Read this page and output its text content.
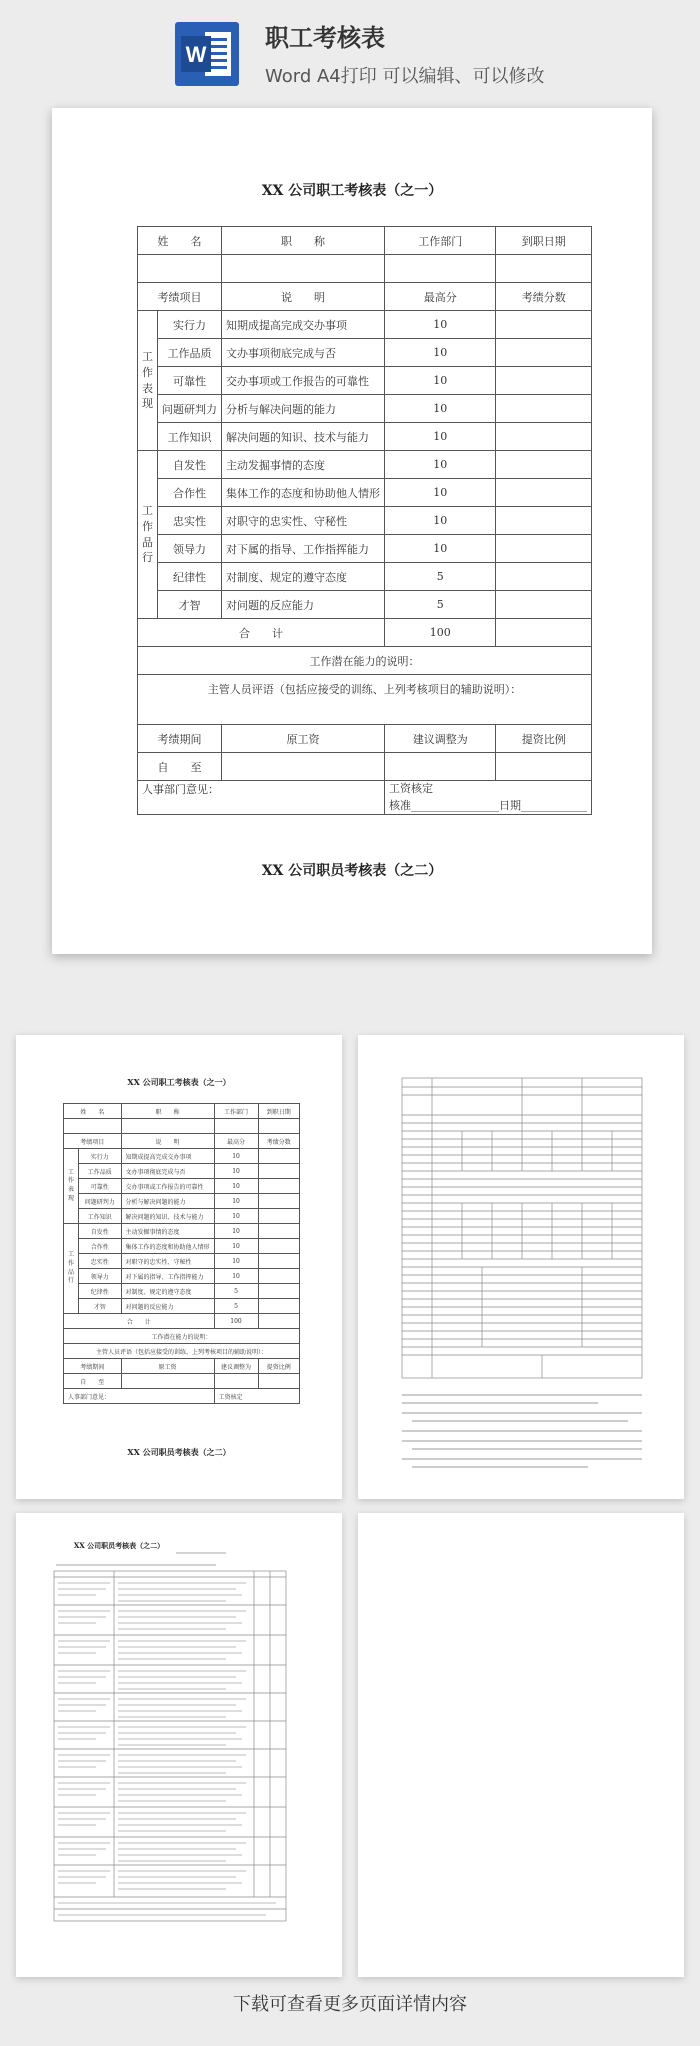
W
职工考核表
Word A4打印 可以编辑、可以修改
XX 公司职工考核表（之一）
姓　　名		职　　称	工作部门	到职日期

考绩项目		说　　明	最高分	考绩分数
工作表现	实行力	知期成提高完成交办事项	10	
	工作品质	文办事项彻底完成与否	10	
	可靠性	交办事项或工作报告的可靠性	10	
	问题研判力	分析与解决问题的能力	10	
	工作知识	解决问题的知识、技术与能力	10	
工作品行	自发性	主动发掘事情的态度	10	
	合作性	集体工作的态度和协助他人情形	10	
	忠实性	对职守的忠实性、守秘性	10	
	领导力	对下属的指导、工作指挥能力	10	
	纪律性	对制度、规定的遵守态度	5	
	才智	对问题的反应能力	5	
合　　计			100	
工作潜在能力的说明：				
主管人员评语（包括应接受的训练、上列考核项目的辅助说明）：				

考绩期间		原工资	建议调整为	提资比例
自　　至				
人事部门意见：			工资核定
核准________________日期____________	
XX 公司职员考核表（之二）
XX 公司职工考核表（之一）
姓　　名		职　　称	工作部门	到职日期

考绩项目		说　　明	最高分	考绩分数
工作表现	实行力	知期成提高完成交办事项	10	
	工作品质	文办事项彻底完成与否	10	
	可靠性	交办事项或工作报告的可靠性	10	
	问题研判力	分析与解决问题的能力	10	
	工作知识	解决问题的知识、技术与能力	10	
工作品行	自发性	主动发掘事情的态度	10	
	合作性	集体工作的态度和协助他人情形	10	
	忠实性	对职守的忠实性、守秘性	10	
	领导力	对下属的指导、工作指挥能力	10	
	纪律性	对制度、规定的遵守态度	5	
	才智	对问题的反应能力	5	
合　　计			100	
工作潜在能力的说明：				
主管人员评语（包括应接受的训练、上列考核项目的辅助说明）：				
考绩期间		原工资	建议调整为	提资比例
自　　至				
人事部门意见：			工资核定	
XX 公司职员考核表（之二）
XX 公司职员考核表（之二）
下载可查看更多页面详情内容
